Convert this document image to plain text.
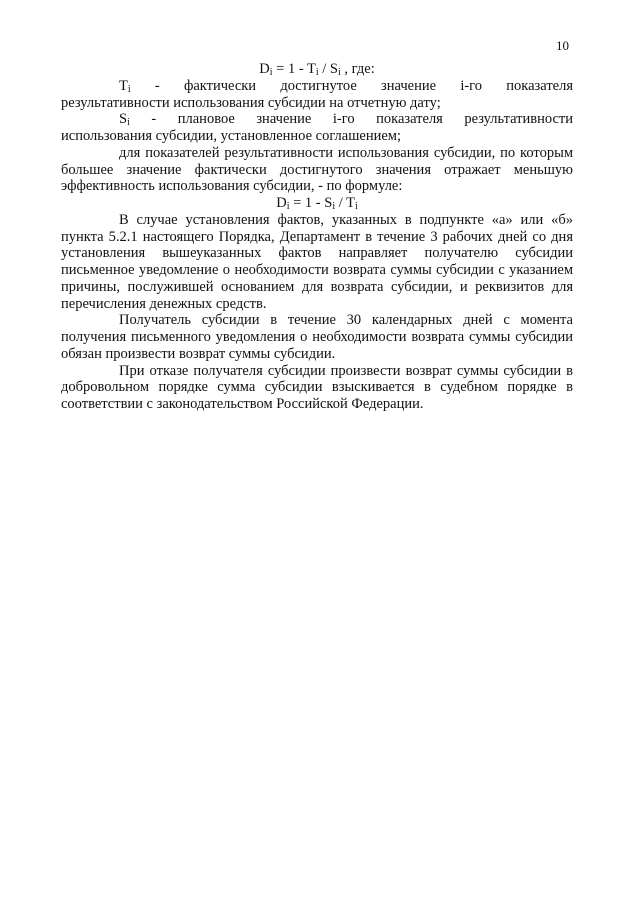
10

$D_i = 1 - T_i / S_i$ , где:

$T_i$  -  фактически  достигнутое  значение  i-го  показателя результативности использования субсидии на отчетную дату;

$S_i$  -  плановое  значение  i-го  показателя  результативности использования субсидии, установленное соглашением;

для показателей результативности использования субсидии, по которым большее значение фактически достигнутого значения отражает меньшую эффективность использования субсидии, - по формуле:

$D_i = 1 - S_i / T_i$

В случае установления фактов, указанных в подпункте «а» или «б» пункта 5.2.1 настоящего Порядка, Департамент в течение 3 рабочих дней со дня установления вышеуказанных фактов направляет получателю субсидии письменное уведомление о необходимости возврата суммы субсидии с указанием причины, послужившей основанием для возврата субсидии, и реквизитов для перечисления денежных средств.

Получатель субсидии в течение 30 календарных дней с момента получения письменного уведомления о необходимости возврата суммы субсидии обязан произвести возврат суммы субсидии.

При отказе получателя субсидии произвести возврат суммы субсидии в добровольном порядке сумма субсидии взыскивается в судебном порядке в соответствии с законодательством Российской Федерации.
